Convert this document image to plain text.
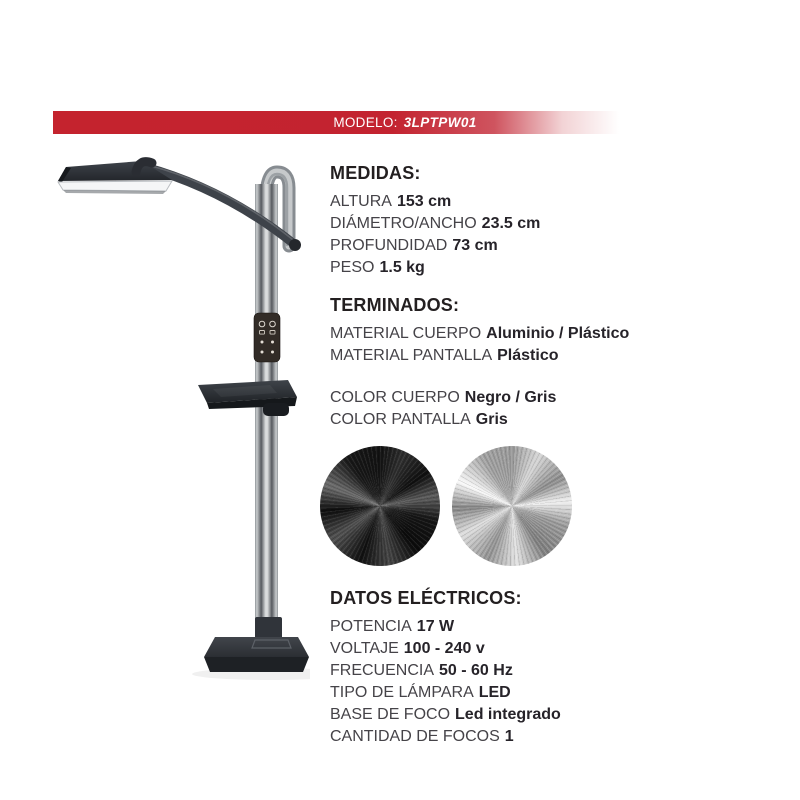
MODELO: 3LPTPW01
MEDIDAS:
ALTURA 153 cm
DIÁMETRO/ANCHO 23.5 cm
PROFUNDIDAD 73 cm
PESO 1.5 kg
TERMINADOS:
MATERIAL CUERPO Aluminio / Plástico
MATERIAL PANTALLA Plástico
COLOR CUERPO Negro / Gris
COLOR PANTALLA Gris
DATOS ELÉCTRICOS:
POTENCIA 17 W
VOLTAJE 100 - 240 v
FRECUENCIA 50 - 60 Hz
TIPO DE LÁMPARA LED
BASE DE FOCO Led integrado
CANTIDAD DE FOCOS 1
